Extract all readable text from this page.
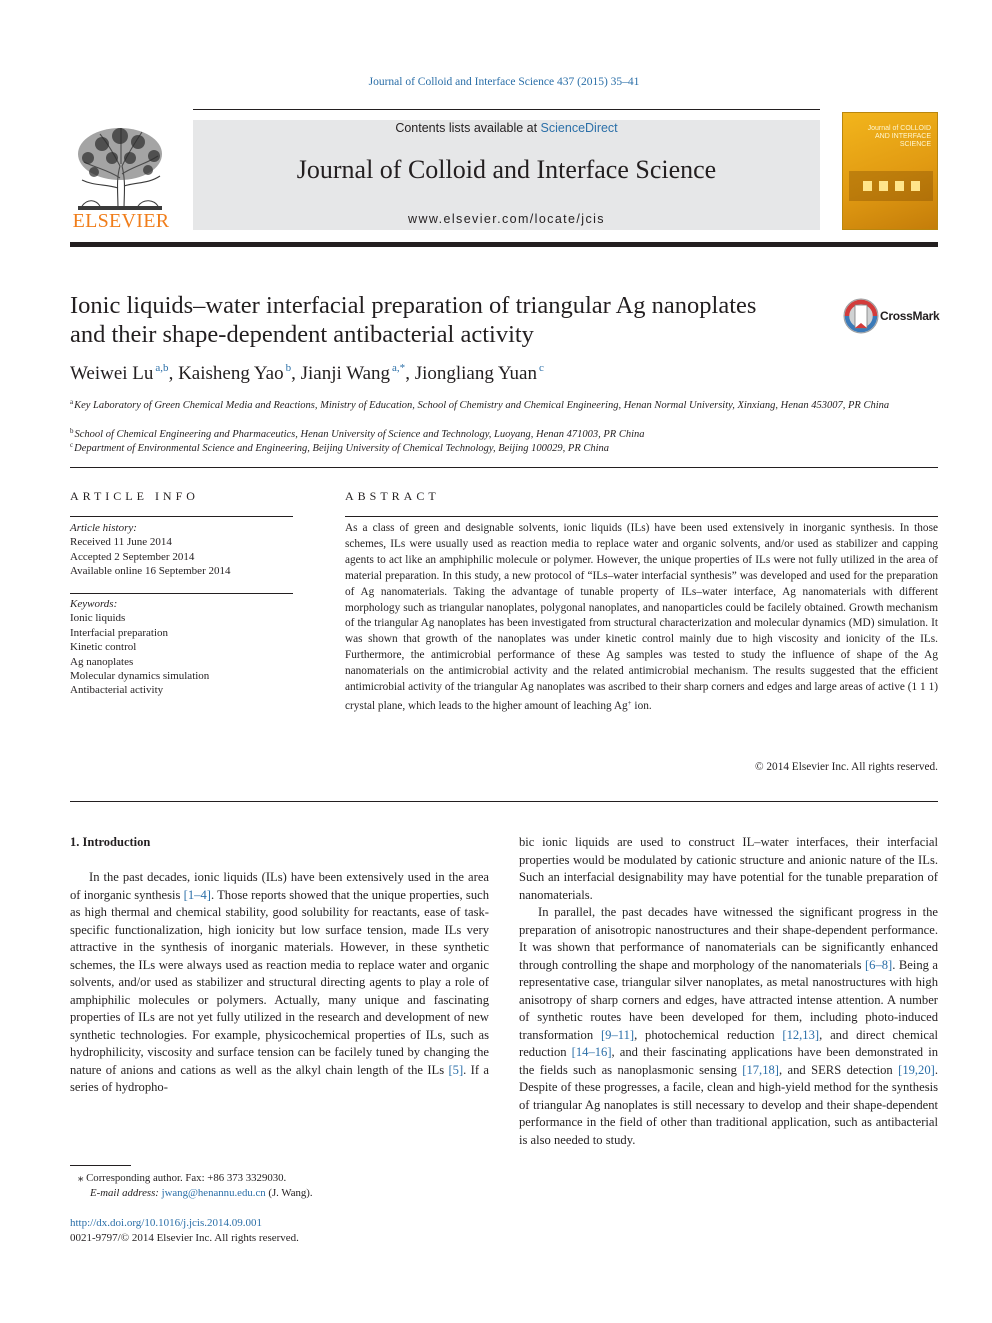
Journal of Colloid and Interface Science 437 (2015) 35–41
ELSEVIER
Contents lists available at ScienceDirect
Journal of Colloid and Interface Science
www.elsevier.com/locate/jcis
Journal of COLLOID AND INTERFACE SCIENCE
Ionic liquids–water interfacial preparation of triangular Ag nanoplates
and their shape-dependent antibacterial activity
CrossMark
Weiwei Lu $^{a,b}$, Kaisheng Yao $^b$, Jianji Wang $^{a,*}$, Jiongliang Yuan $^c$
$^a$Key Laboratory of Green Chemical Media and Reactions, Ministry of Education, School of Chemistry and Chemical Engineering, Henan Normal University, Xinxiang, Henan 453007, PR China
$^b$School of Chemical Engineering and Pharmaceutics, Henan University of Science and Technology, Luoyang, Henan 471003, PR China
$^c$Department of Environmental Science and Engineering, Beijing University of Chemical Technology, Beijing 100029, PR China
ARTICLE INFO	ABSTRACT
Article history:
Received 11 June 2014
Accepted 2 September 2014
Available online 16 September 2014
Keywords:
Ionic liquids
Interfacial preparation
Kinetic control
Ag nanoplates
Molecular dynamics simulation
Antibacterial activity
As a class of green and designable solvents, ionic liquids (ILs) have been used extensively in inorganic synthesis. In those schemes, ILs were usually used as reaction media to replace water and organic solvents, and/or used as stabilizer and capping agents to act like an amphiphilic molecule or polymer. However, the unique properties of ILs were not fully utilized in the area of material preparation. In this study, a new protocol of “ILs–water interfacial synthesis” was developed and used for the preparation of Ag nanomaterials. Taking the advantage of tunable property of ILs–water interface, Ag nanomaterials with different morphology such as triangular nanoplates, polygonal nanoplates, and nanoparticles could be facilely obtained. Growth mechanism of the triangular Ag nanoplates has been investigated from structural characterization and molecular dynamics (MD) simulation. It was shown that growth of the nanoplates was under kinetic control mainly due to high viscosity and ionicity of the ILs. Furthermore, the antimicrobial performance of these Ag samples was tested to study the influence of shape of the Ag nanomaterials on the antimicrobial activity and the related antimicrobial mechanism. The results suggested that the efficient antimicrobial activity of the triangular Ag nanoplates was ascribed to their sharp corners and edges and large areas of active (1 1 1) crystal plane, which leads to the higher amount of leaching Ag+ ion.
© 2014 Elsevier Inc. All rights reserved.
1. Introduction

In the past decades, ionic liquids (ILs) have been extensively used in the area of inorganic synthesis [1–4]. Those reports showed that the unique properties, such as high thermal and chemical stability, good solubility for reactants, ease of task-specific functionalization, high ionicity but low surface tension, made ILs very attractive in the synthesis of inorganic materials. However, in these synthetic schemes, the ILs were always used as reaction media to replace water and organic solvents, and/or used as stabilizer and structural directing agents to play a role of amphiphilic molecules or polymers. Actually, many unique and fascinating properties of ILs are not yet fully utilized in the research and development of new synthetic technologies. For example, physicochemical properties of ILs, such as hydrophilicity, viscosity and surface tension can be facilely tuned by changing the nature of anions and cations as well as the alkyl chain length of the ILs [5]. If a series of hydropho-

bic ionic liquids are used to construct IL–water interfaces, their interfacial properties would be modulated by cationic structure and anionic nature of the ILs. Such an interfacial designability may have potential for the tunable preparation of nanomaterials.

In parallel, the past decades have witnessed the significant progress in the preparation of anisotropic nanostructures and their shape-dependent performance. It was shown that performance of nanomaterials can be significantly enhanced through controlling the shape and morphology of the nanomaterials [6–8]. Being a representative case, triangular silver nanoplates, as metal nanostructures with high anisotropy of sharp corners and edges, have attracted intense attention. A number of synthetic routes have been developed for them, including photo-induced transformation [9–11], photochemical reduction [12,13], and direct chemical reduction [14–16], and their fascinating applications have been demonstrated in the fields such as nanoplasmonic sensing [17,18], and SERS detection [19,20]. Despite of these progresses, a facile, clean and high-yield method for the synthesis of triangular Ag nanoplates is still necessary to develop and their shape-dependent performance in the field of other than traditional application, such as antibacterial is also needed to study.

⁎ Corresponding author. Fax: +86 373 3329030.
E-mail address: jwang@henannu.edu.cn (J. Wang).
http://dx.doi.org/10.1016/j.jcis.2014.09.001
0021-9797/© 2014 Elsevier Inc. All rights reserved.
